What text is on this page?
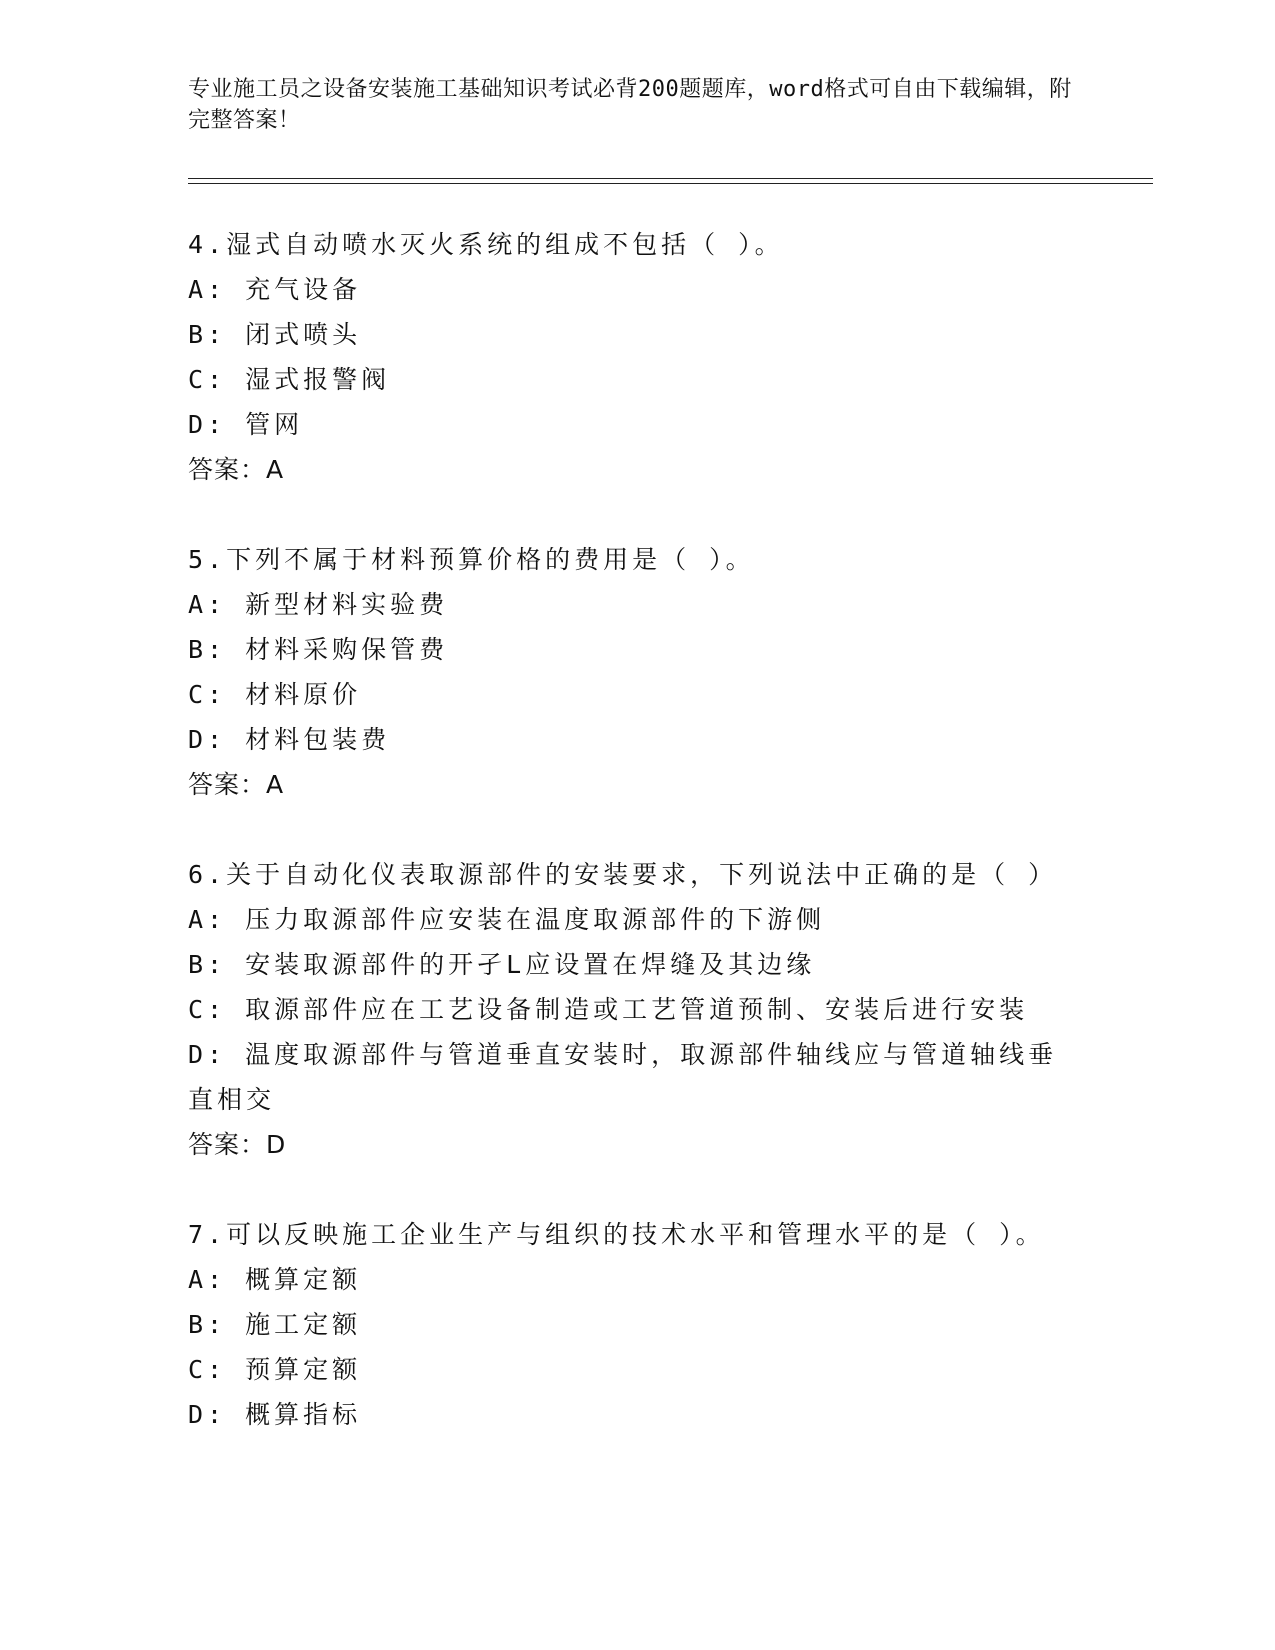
专业施工员之设备安装施工基础知识考试必背200题题库，word格式可自由下载编辑，附完整答案！
4.湿式自动喷水灭火系统的组成不包括（ ）。
A: 充气设备
B: 闭式喷头
C: 湿式报警阀
D: 管网
答案：A
5.下列不属于材料预算价格的费用是（ ）。
A: 新型材料实验费
B: 材料采购保管费
C: 材料原价
D: 材料包装费
答案：A
6.关于自动化仪表取源部件的安装要求，下列说法中正确的是（ ）
A: 压力取源部件应安装在温度取源部件的下游侧
B: 安装取源部件的开孑L应设置在焊缝及其边缘
C: 取源部件应在工艺设备制造或工艺管道预制、安装后进行安装
D: 温度取源部件与管道垂直安装时，取源部件轴线应与管道轴线垂直相交
答案：D
7.可以反映施工企业生产与组织的技术水平和管理水平的是（ ）。
A: 概算定额
B: 施工定额
C: 预算定额
D: 概算指标
